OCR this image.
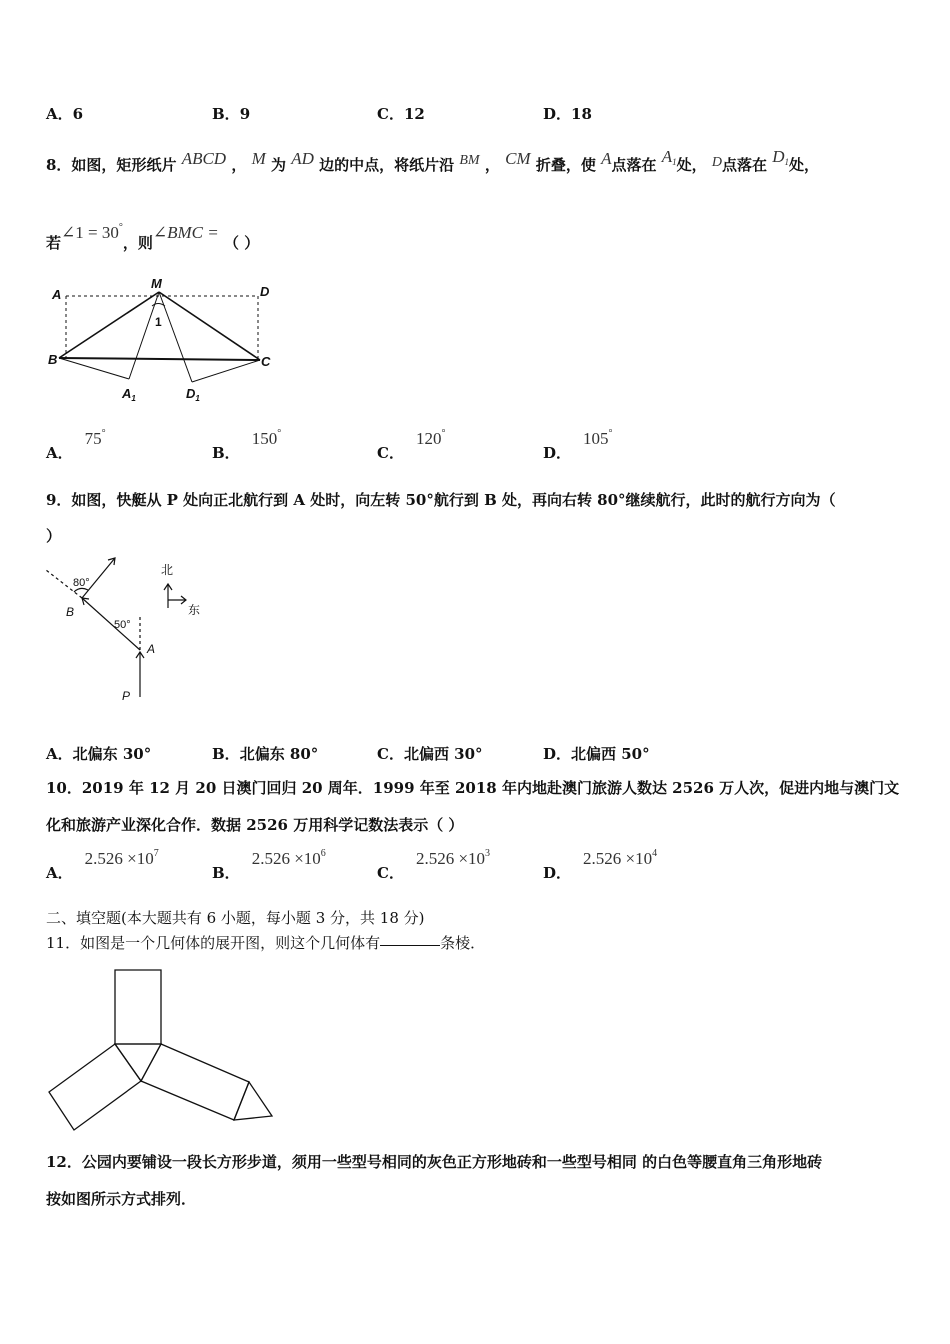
A．6	B．9	C．12	D．18
8．如图，矩形纸片 ABCD ， M 为 AD 边的中点，将纸片沿 BM ， CM 折叠，使 A点落在 $A_1$处， D点落在 $D_1$处，
若∠1 = 30°，则∠BMC = （ ）
A
M
D
B	C
1
$A_1$	$D_1$
A．75°
B．150°
C．120°
D．105°
9．如图，快艇从 P 处向正北航行到 A 处时，向左转 50°航行到 B 处，再向右转 80°继续航行，此时的航行方向为（
）
北
东
80°
50°
B
A
P
A．北偏东 30°	B．北偏东 80°	C．北偏西 30°	D．北偏西 50°
10．2019 年 12 月 20 日澳门回归 20 周年．1999 年至 2018 年内地赴澳门旅游人数达 2526 万人次，促进内地与澳门文
化和旅游产业深化合作．数据 2526 万用科学记数法表示（ ）
A．$2.526 \times 10^7$
B．$2.526 \times 10^6$
C．$2.526 \times 10^3$
D．$2.526 \times 10^4$
二、填空题(本大题共有 6 小题，每小题 3 分，共 18 分)
11．如图是一个几何体的展开图，则这个几何体有	条棱．
12．公园内要铺设一段长方形步道，须用一些型号相同的灰色正方形地砖和一些型号相同 的白色等腰直角三角形地砖
按如图所示方式排列．
